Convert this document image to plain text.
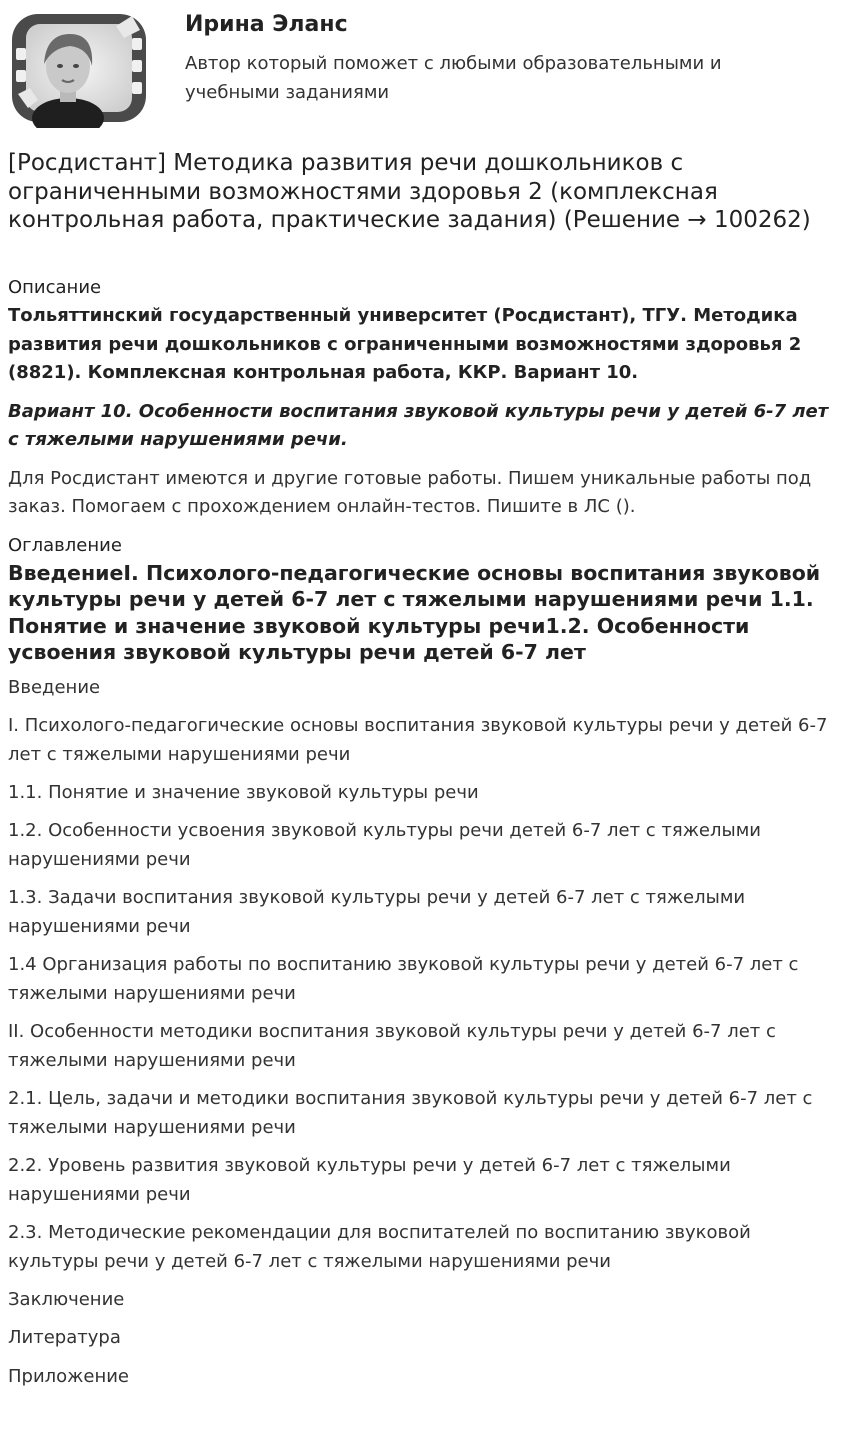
Ирина Эланс
Автор который поможет с любыми образовательными и учебными заданиями
[Росдистант] Методика развития речи дошкольников с ограниченными возможностями здоровья 2 (комплексная контрольная работа, практические задания) (Решение → 100262)

Описание

Тольяттинский государственный университет (Росдистант), ТГУ. Методика развития речи дошкольников с ограниченными возможностями здоровья 2 (8821). Комплексная контрольная работа, ККР. Вариант 10.

Вариант 10. Особенности воспитания звуковой культуры речи у детей 6-7 лет с тяжелыми нарушениями речи.

Для Росдистант имеются и другие готовые работы. Пишем уникальные работы под заказ. Помогаем с прохождением онлайн-тестов. Пишите в ЛС ().

Оглавление

ВведениеI. Психолого-педагогические основы воспитания звуковой культуры речи у детей 6-7 лет с тяжелыми нарушениями речи 1.1. Понятие и значение звуковой культуры речи1.2. Особенности усвоения звуковой культуры речи детей 6-7 лет
Введение
I. Психолого-педагогические основы воспитания звуковой культуры речи у детей 6-7 лет с тяжелыми нарушениями речи
1.1. Понятие и значение звуковой культуры речи
1.2. Особенности усвоения звуковой культуры речи детей 6-7 лет с тяжелыми нарушениями речи
1.3. Задачи воспитания звуковой культуры речи у детей 6-7 лет с тяжелыми нарушениями речи
1.4 Организация работы по воспитанию звуковой культуры речи у детей 6-7 лет с тяжелыми нарушениями речи
II. Особенности методики воспитания звуковой культуры речи у детей 6-7 лет с тяжелыми нарушениями речи
2.1. Цель, задачи и методики воспитания звуковой культуры речи у детей 6-7 лет с тяжелыми нарушениями речи
2.2. Уровень развития звуковой культуры речи у детей 6-7 лет с тяжелыми нарушениями речи
2.3. Методические рекомендации для воспитателей по воспитанию звуковой культуры речи у детей 6-7 лет с тяжелыми нарушениями речи
Заключение
Литература
Приложение
